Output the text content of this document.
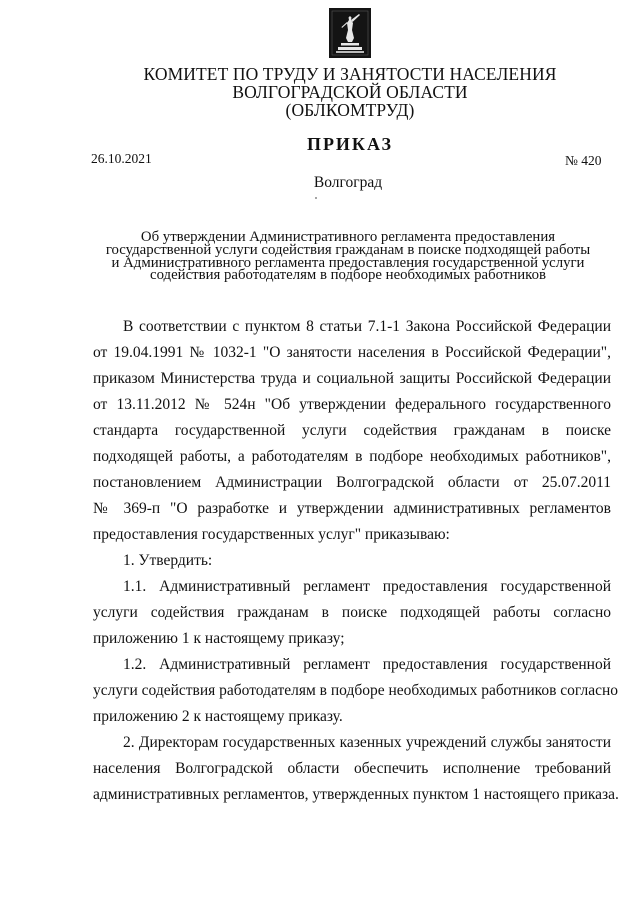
КОМИТЕТ ПО ТРУДУ И ЗАНЯТОСТИ НАСЕЛЕНИЯ
ВОЛГОГРАДСКОЙ ОБЛАСТИ
(ОБЛКОМТРУД)
ПРИКАЗ
26.10.2021	№ 420
Волгоград
Об утверждении Административного регламента предоставления
государственной услуги содействия гражданам в поиске подходящей работы
и Административного регламента предоставления государственной услуги
содействия работодателям в подборе необходимых работников
В соответствии с пунктом 8 статьи 7.1-1 Закона Российской Федерации
от 19.04.1991 № 1032-1 "О занятости населения в Российской Федерации",
приказом Министерства труда и социальной защиты Российской Федерации
от 13.11.2012 № 524н "Об утверждении федерального государственного
стандарта государственной услуги содействия гражданам в поиске
подходящей работы, а работодателям в подборе необходимых работников",
постановлением Администрации Волгоградской области от 25.07.2011
№ 369-п "О разработке и утверждении административных регламентов
предоставления государственных услуг" приказываю:
1. Утвердить:
1.1. Административный регламент предоставления государственной
услуги содействия гражданам в поиске подходящей работы согласно
приложению 1 к настоящему приказу;
1.2. Административный регламент предоставления государственной
услуги содействия работодателям в подборе необходимых работников согласно
приложению 2 к настоящему приказу.
2. Директорам государственных казенных учреждений службы занятости
населения Волгоградской области обеспечить исполнение требований
административных регламентов, утвержденных пунктом 1 настоящего приказа.
